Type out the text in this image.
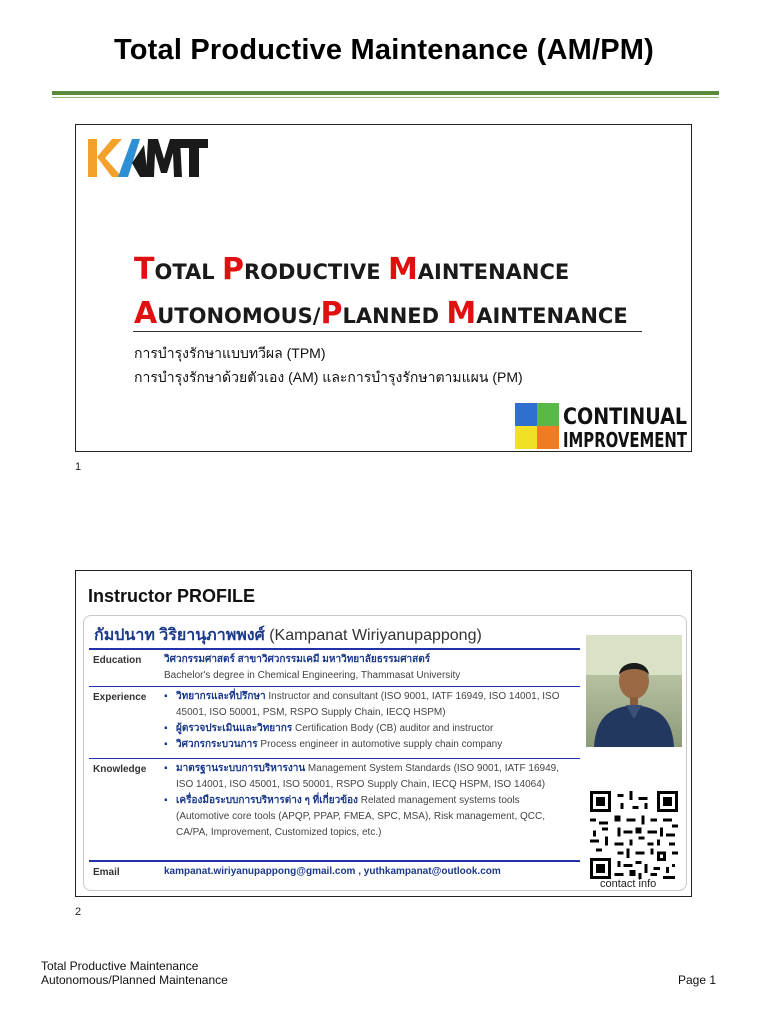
Total Productive Maintenance (AM/PM)
TOTAL PRODUCTIVE MAINTENANCE
AUTONOMOUS/PLANNED MAINTENANCE
การบำรุงรักษาแบบทวีผล (TPM)
การบำรุงรักษาด้วยตัวเอง (AM) และการบำรุงรักษาตามแผน (PM)
CONTINUAL
IMPROVEMENT
1
Instructor PROFILE
กัมปนาท วิริยานุภาพพงศ์ (Kampanat Wiriyanupappong)
Education วิศวกรรมศาสตร์ สาขาวิศวกรรมเคมี มหาวิทยาลัยธรรมศาสตร์
Bachelor's degree in Chemical Engineering, Thammasat University
Experience	▪ วิทยากรและที่ปรึกษา Instructor and consultant (ISO 9001, IATF 16949, ISO 14001, ISO 45001, ISO 50001, PSM, RSPO Supply Chain, IECQ HSPM)
▪ ผู้ตรวจประเมินและวิทยากร Certification Body (CB) auditor and instructor
▪ วิศวกรกระบวนการ Process engineer in automotive supply chain company
Knowledge	▪ มาตรฐานระบบการบริหารงาน Management System Standards (ISO 9001, IATF 16949, ISO 14001, ISO 45001, ISO 50001, RSPO Supply Chain, IECQ HSPM, ISO 14064)
▪ เครื่องมือระบบการบริหารต่าง ๆ ที่เกี่ยวข้อง Related management systems tools (Automotive core tools (APQP, PPAP, FMEA, SPC, MSA), Risk management, QCC, CA/PA, Improvement, Customized topics, etc.)
Email	kampanat.wiriyanupappong@gmail.com , yuthkampanat@outlook.com
contact info
2
Total Productive Maintenance
Autonomous/Planned Maintenance	Page 1
